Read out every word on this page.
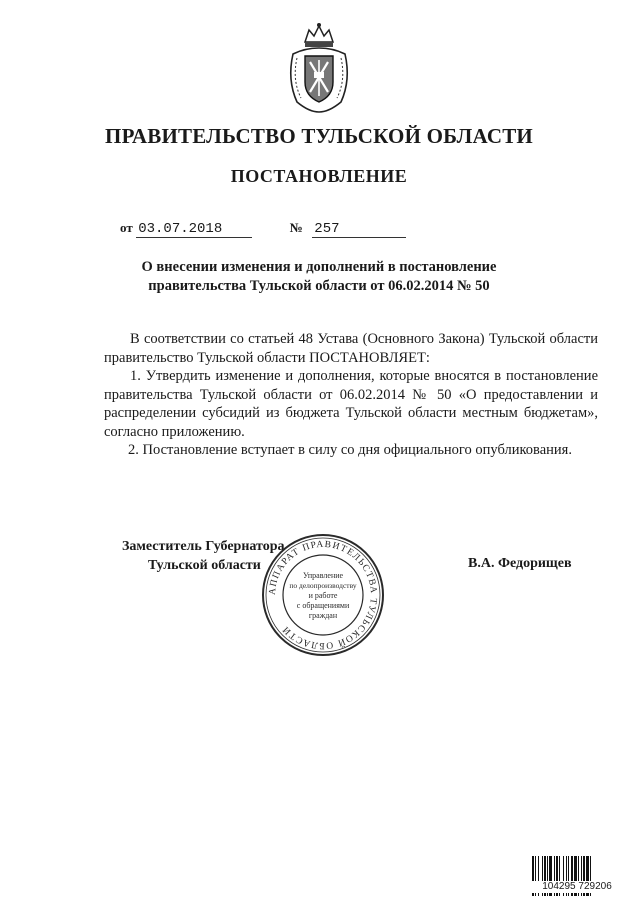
ПРАВИТЕЛЬСТВО ТУЛЬСКОЙ ОБЛАСТИ
ПОСТАНОВЛЕНИЕ
от 03.07.2018	№ 257
О внесении изменения и дополнений в постановление
правительства Тульской области от 06.02.2014 № 50

В соответствии со статьей 48 Устава (Основного Закона) Тульской области правительство Тульской области ПОСТАНОВЛЯЕТ:

1. Утвердить изменение и дополнения, которые вносятся в постановление правительства Тульской области от 06.02.2014 № 50 «О предоставлении и распределении субсидий из бюджета Тульской области местным бюджетам», согласно приложению.

2. Постановление вступает в силу со дня официального опубликования.

Заместитель Губернатора
Тульской области	В.А. Федорищев
АППАРАТ ПРАВИТЕЛЬСТВА ТУЛЬСКОЙ ОБЛАСТИ
Управление
по делопроизводству
и работе
с обращениями
граждан
104295 729206
